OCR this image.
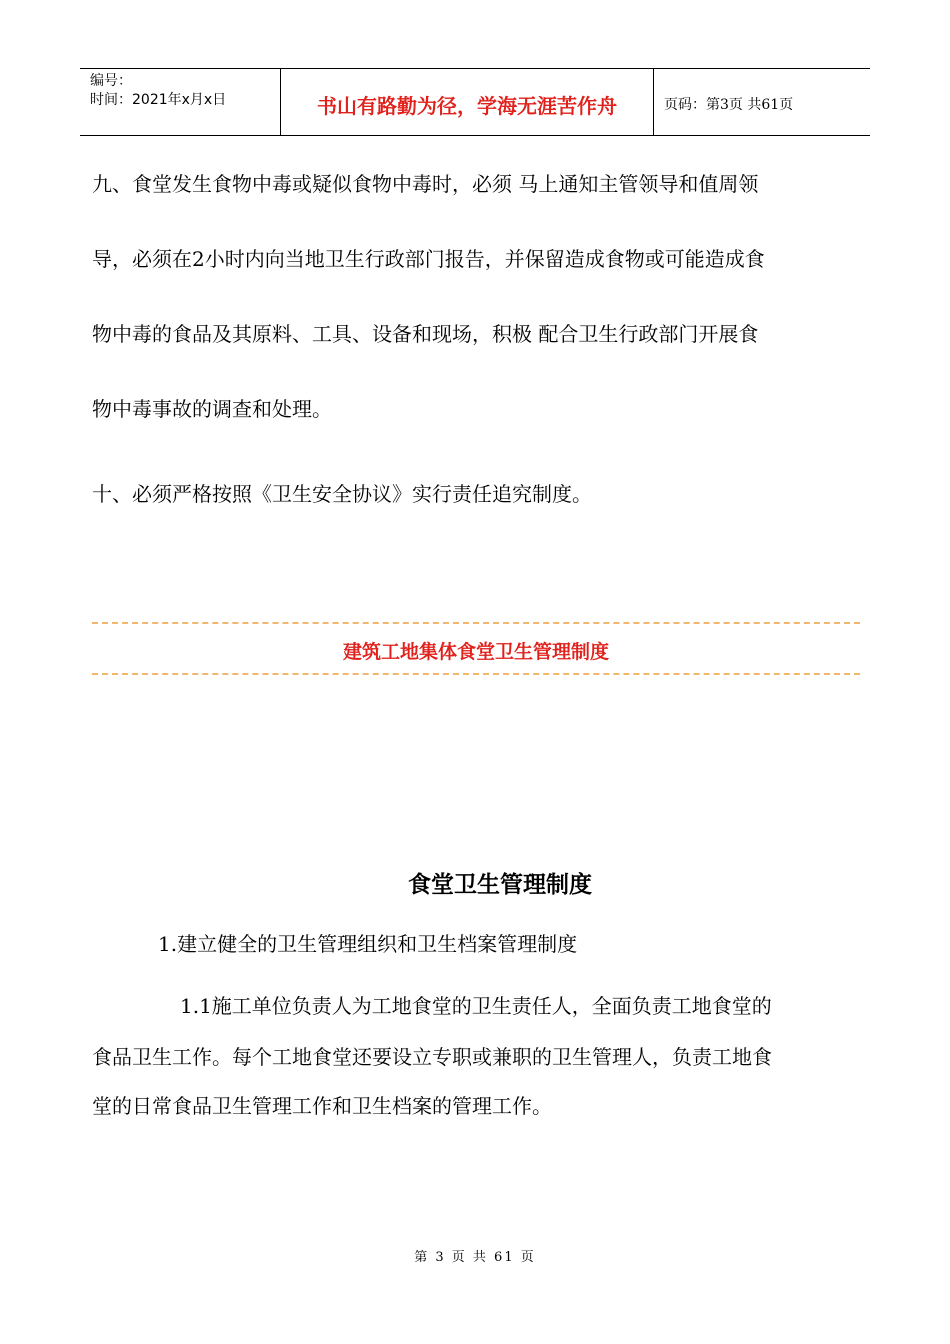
编号：
时间：2021年x月x日	书山有路勤为径，学海无涯苦作舟	页码：第3页 共61页

九、食堂发生食物中毒或疑似食物中毒时，必须 马上通知主管领导和值周领

导，必须在2小时内向当地卫生行政部门报告，并保留造成食物或可能造成食

物中毒的食品及其原料、工具、设备和现场，积极 配合卫生行政部门开展食

物中毒事故的调查和处理。

十、必须严格按照《卫生安全协议》实行责任追究制度。

建筑工地集体食堂卫生管理制度
食堂卫生管理制度

1.建立健全的卫生管理组织和卫生档案管理制度

1.1施工单位负责人为工地食堂的卫生责任人，全面负责工地食堂的

食品卫生工作。每个工地食堂还要设立专职或兼职的卫生管理人，负责工地食

堂的日常食品卫生管理工作和卫生档案的管理工作。

第 3 页 共 61 页
